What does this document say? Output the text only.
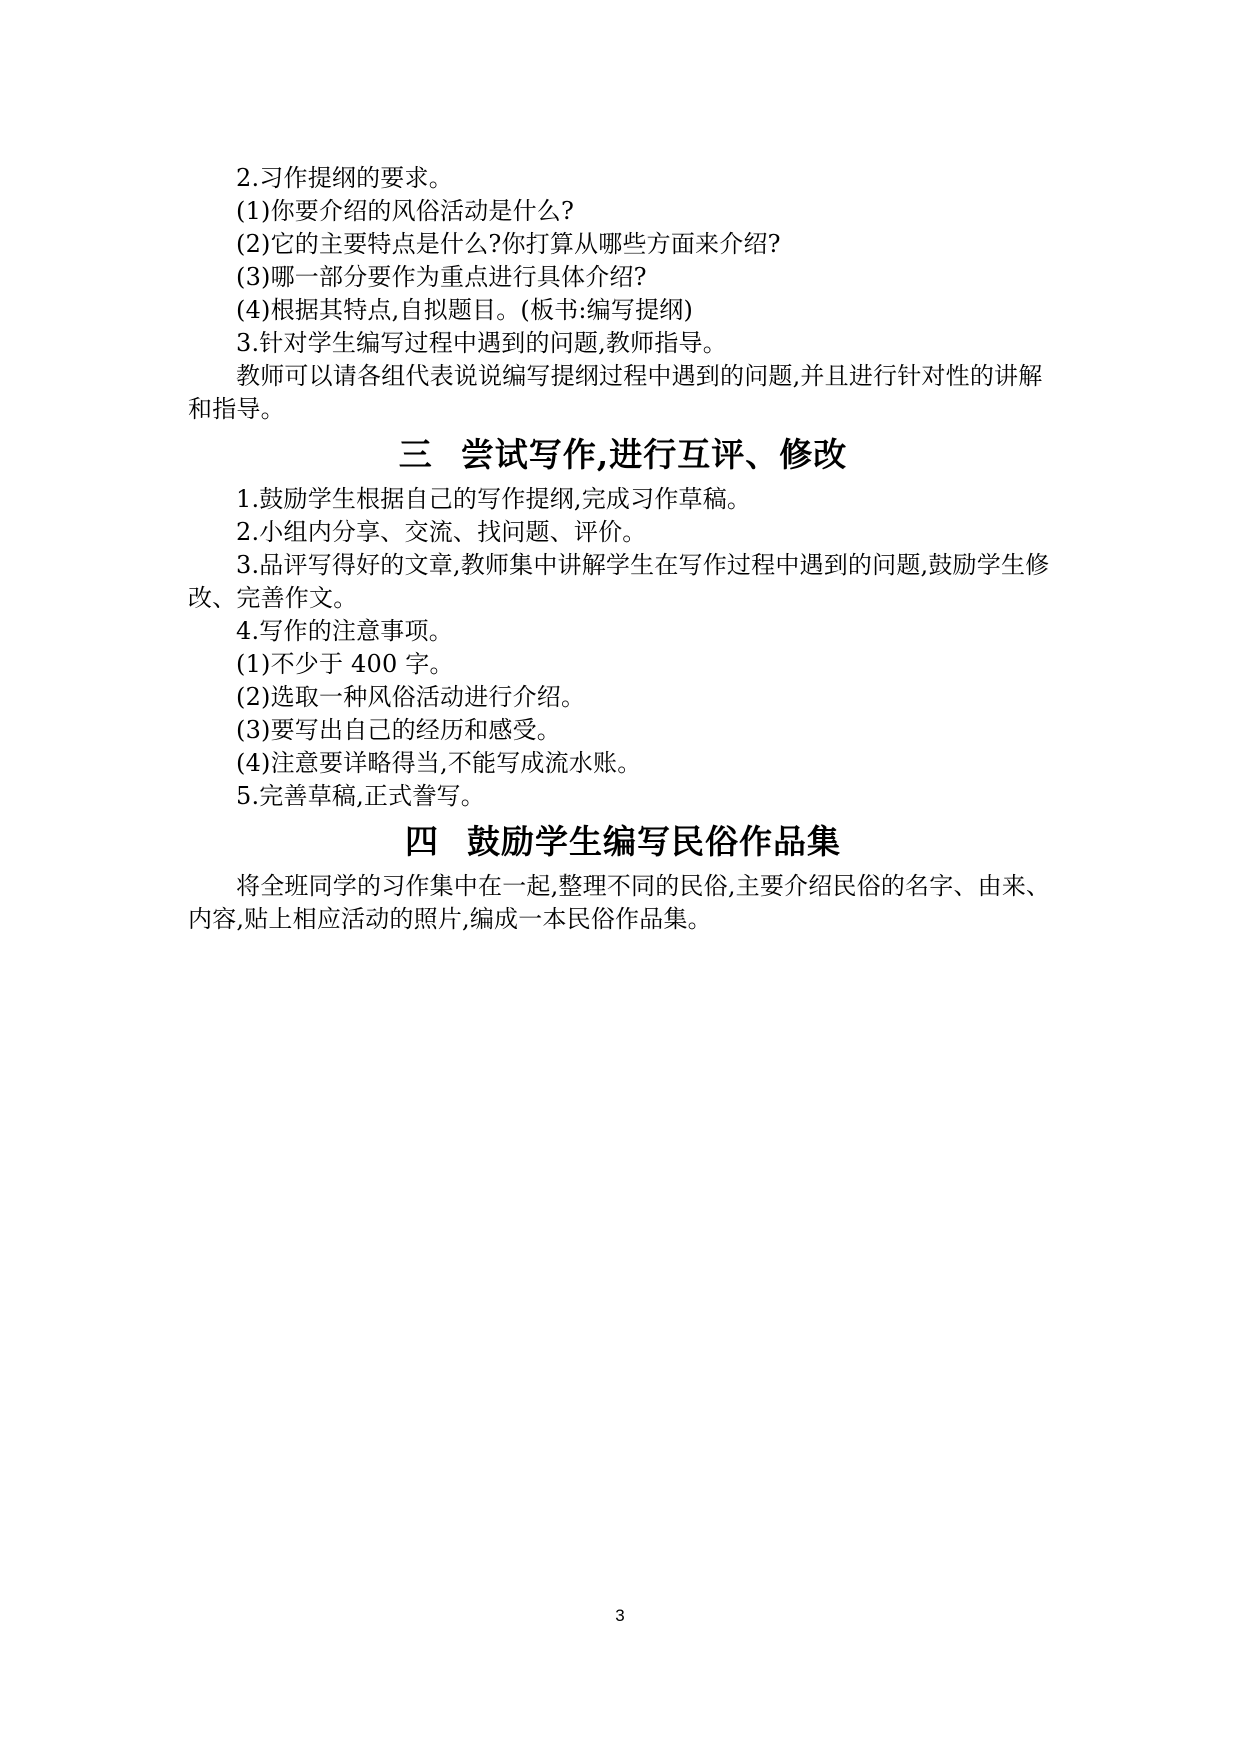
2.习作提纲的要求。

(1)你要介绍的风俗活动是什么?

(2)它的主要特点是什么?你打算从哪些方面来介绍?

(3)哪一部分要作为重点进行具体介绍?

(4)根据其特点,自拟题目。(板书:编写提纲)

3.针对学生编写过程中遇到的问题,教师指导。

教师可以请各组代表说说编写提纲过程中遇到的问题,并且进行针对性的讲解和指导。

三 尝试写作,进行互评、修改

1.鼓励学生根据自己的写作提纲,完成习作草稿。

2.小组内分享、交流、找问题、评价。

3.品评写得好的文章,教师集中讲解学生在写作过程中遇到的问题,鼓励学生修改、完善作文。

4.写作的注意事项。

(1)不少于 400 字。

(2)选取一种风俗活动进行介绍。

(3)要写出自己的经历和感受。

(4)注意要详略得当,不能写成流水账。

5.完善草稿,正式誊写。

四 鼓励学生编写民俗作品集

将全班同学的习作集中在一起,整理不同的民俗,主要介绍民俗的名字、由来、内容,贴上相应活动的照片,编成一本民俗作品集。

3
